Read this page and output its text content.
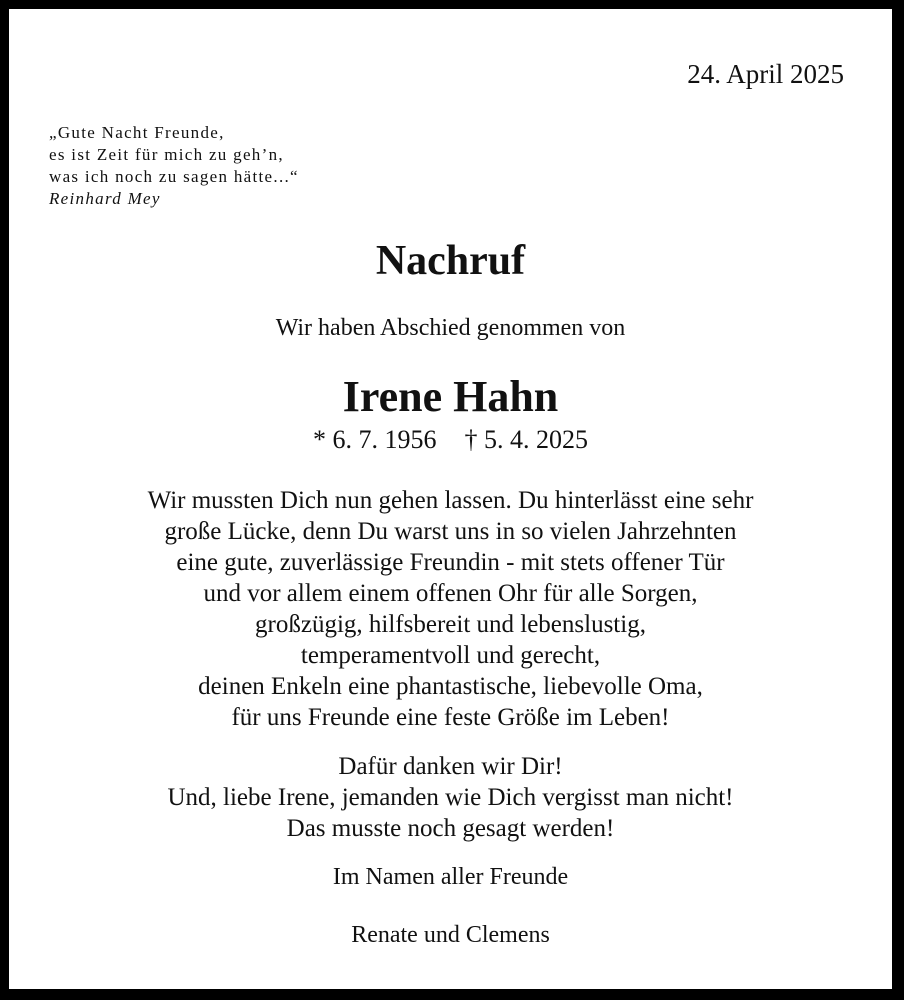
24. April 2025
„Gute Nacht Freunde,
es ist Zeit für mich zu geh’n,
was ich noch zu sagen hätte...“
Reinhard Mey
Nachruf
Wir haben Abschied genommen von
Irene Hahn
* 6. 7. 1956 † 5. 4. 2025
Wir mussten Dich nun gehen lassen. Du hinterlässt eine sehr
große Lücke, denn Du warst uns in so vielen Jahrzehnten
eine gute, zuverlässige Freundin - mit stets offener Tür
und vor allem einem offenen Ohr für alle Sorgen,
großzügig, hilfsbereit und lebenslustig,
temperamentvoll und gerecht,
deinen Enkeln eine phantastische, liebevolle Oma,
für uns Freunde eine feste Größe im Leben!
Dafür danken wir Dir!
Und, liebe Irene, jemanden wie Dich vergisst man nicht!
Das musste noch gesagt werden!
Im Namen aller Freunde
Renate und Clemens
